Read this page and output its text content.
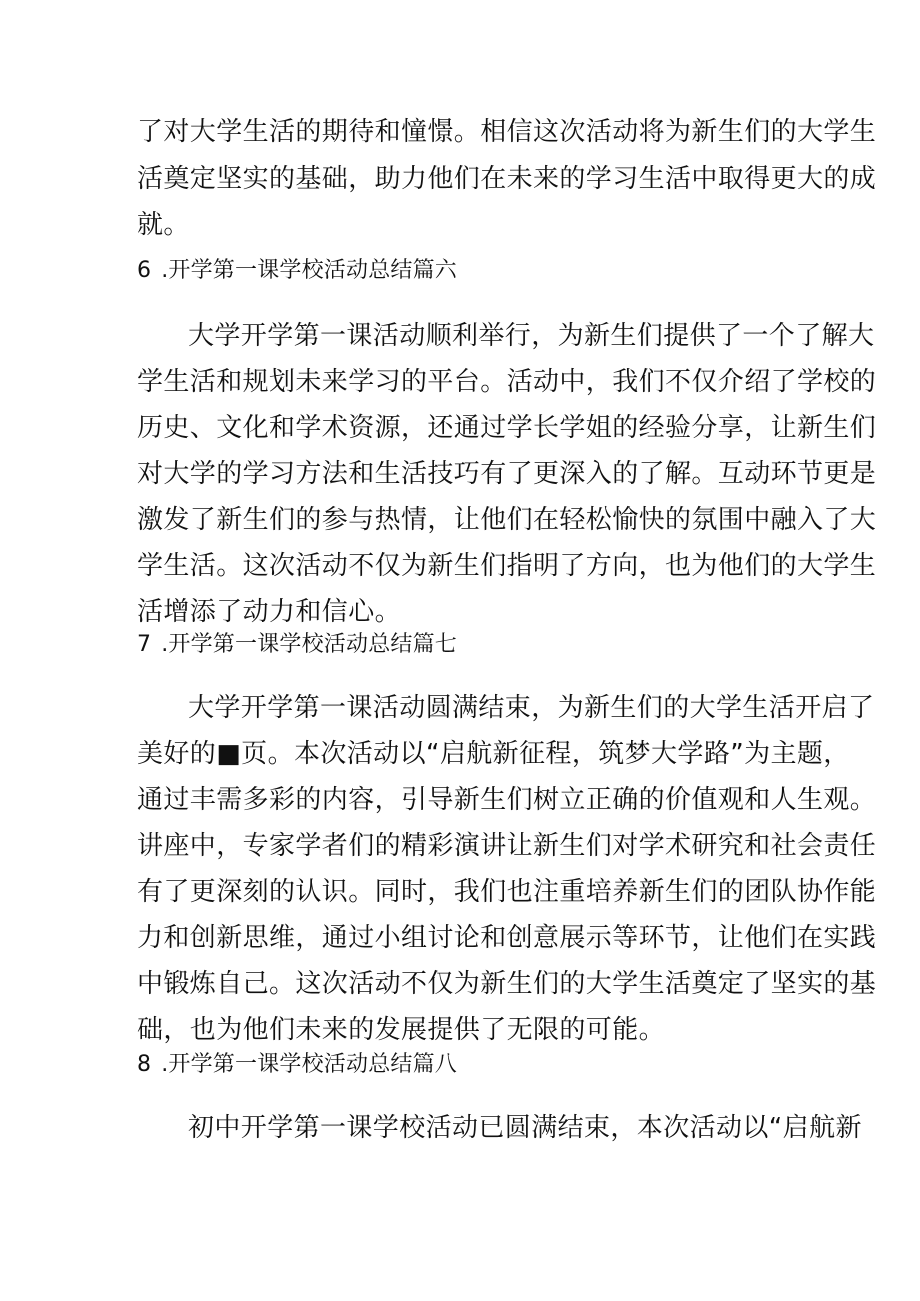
了对大学生活的期待和憧憬。相信这次活动将为新生们的大学生
活奠定坚实的基础，助力他们在未来的学习生活中取得更大的成
就。
6 .开学第一课学校活动总结篇六
大学开学第一课活动顺利举行，为新生们提供了一个了解大
学生活和规划未来学习的平台。活动中，我们不仅介绍了学校的
历史、文化和学术资源，还通过学长学姐的经验分享，让新生们
对大学的学习方法和生活技巧有了更深入的了解。互动环节更是
激发了新生们的参与热情，让他们在轻松愉快的氛围中融入了大
学生活。这次活动不仅为新生们指明了方向，也为他们的大学生
活增添了动力和信心。
7 .开学第一课学校活动总结篇七
大学开学第一课活动圆满结束，为新生们的大学生活开启了
美好的■页。本次活动以“启航新征程，筑梦大学路”为主题，
通过丰需多彩的内容，引导新生们树立正确的价值观和人生观。
讲座中，专家学者们的精彩演讲让新生们对学术研究和社会责任
有了更深刻的认识。同时，我们也注重培养新生们的团队协作能
力和创新思维，通过小组讨论和创意展示等环节，让他们在实践
中锻炼自己。这次活动不仅为新生们的大学生活奠定了坚实的基
础，也为他们未来的发展提供了无限的可能。
8 .开学第一课学校活动总结篇八
初中开学第一课学校活动已圆满结束，本次活动以“启航新
